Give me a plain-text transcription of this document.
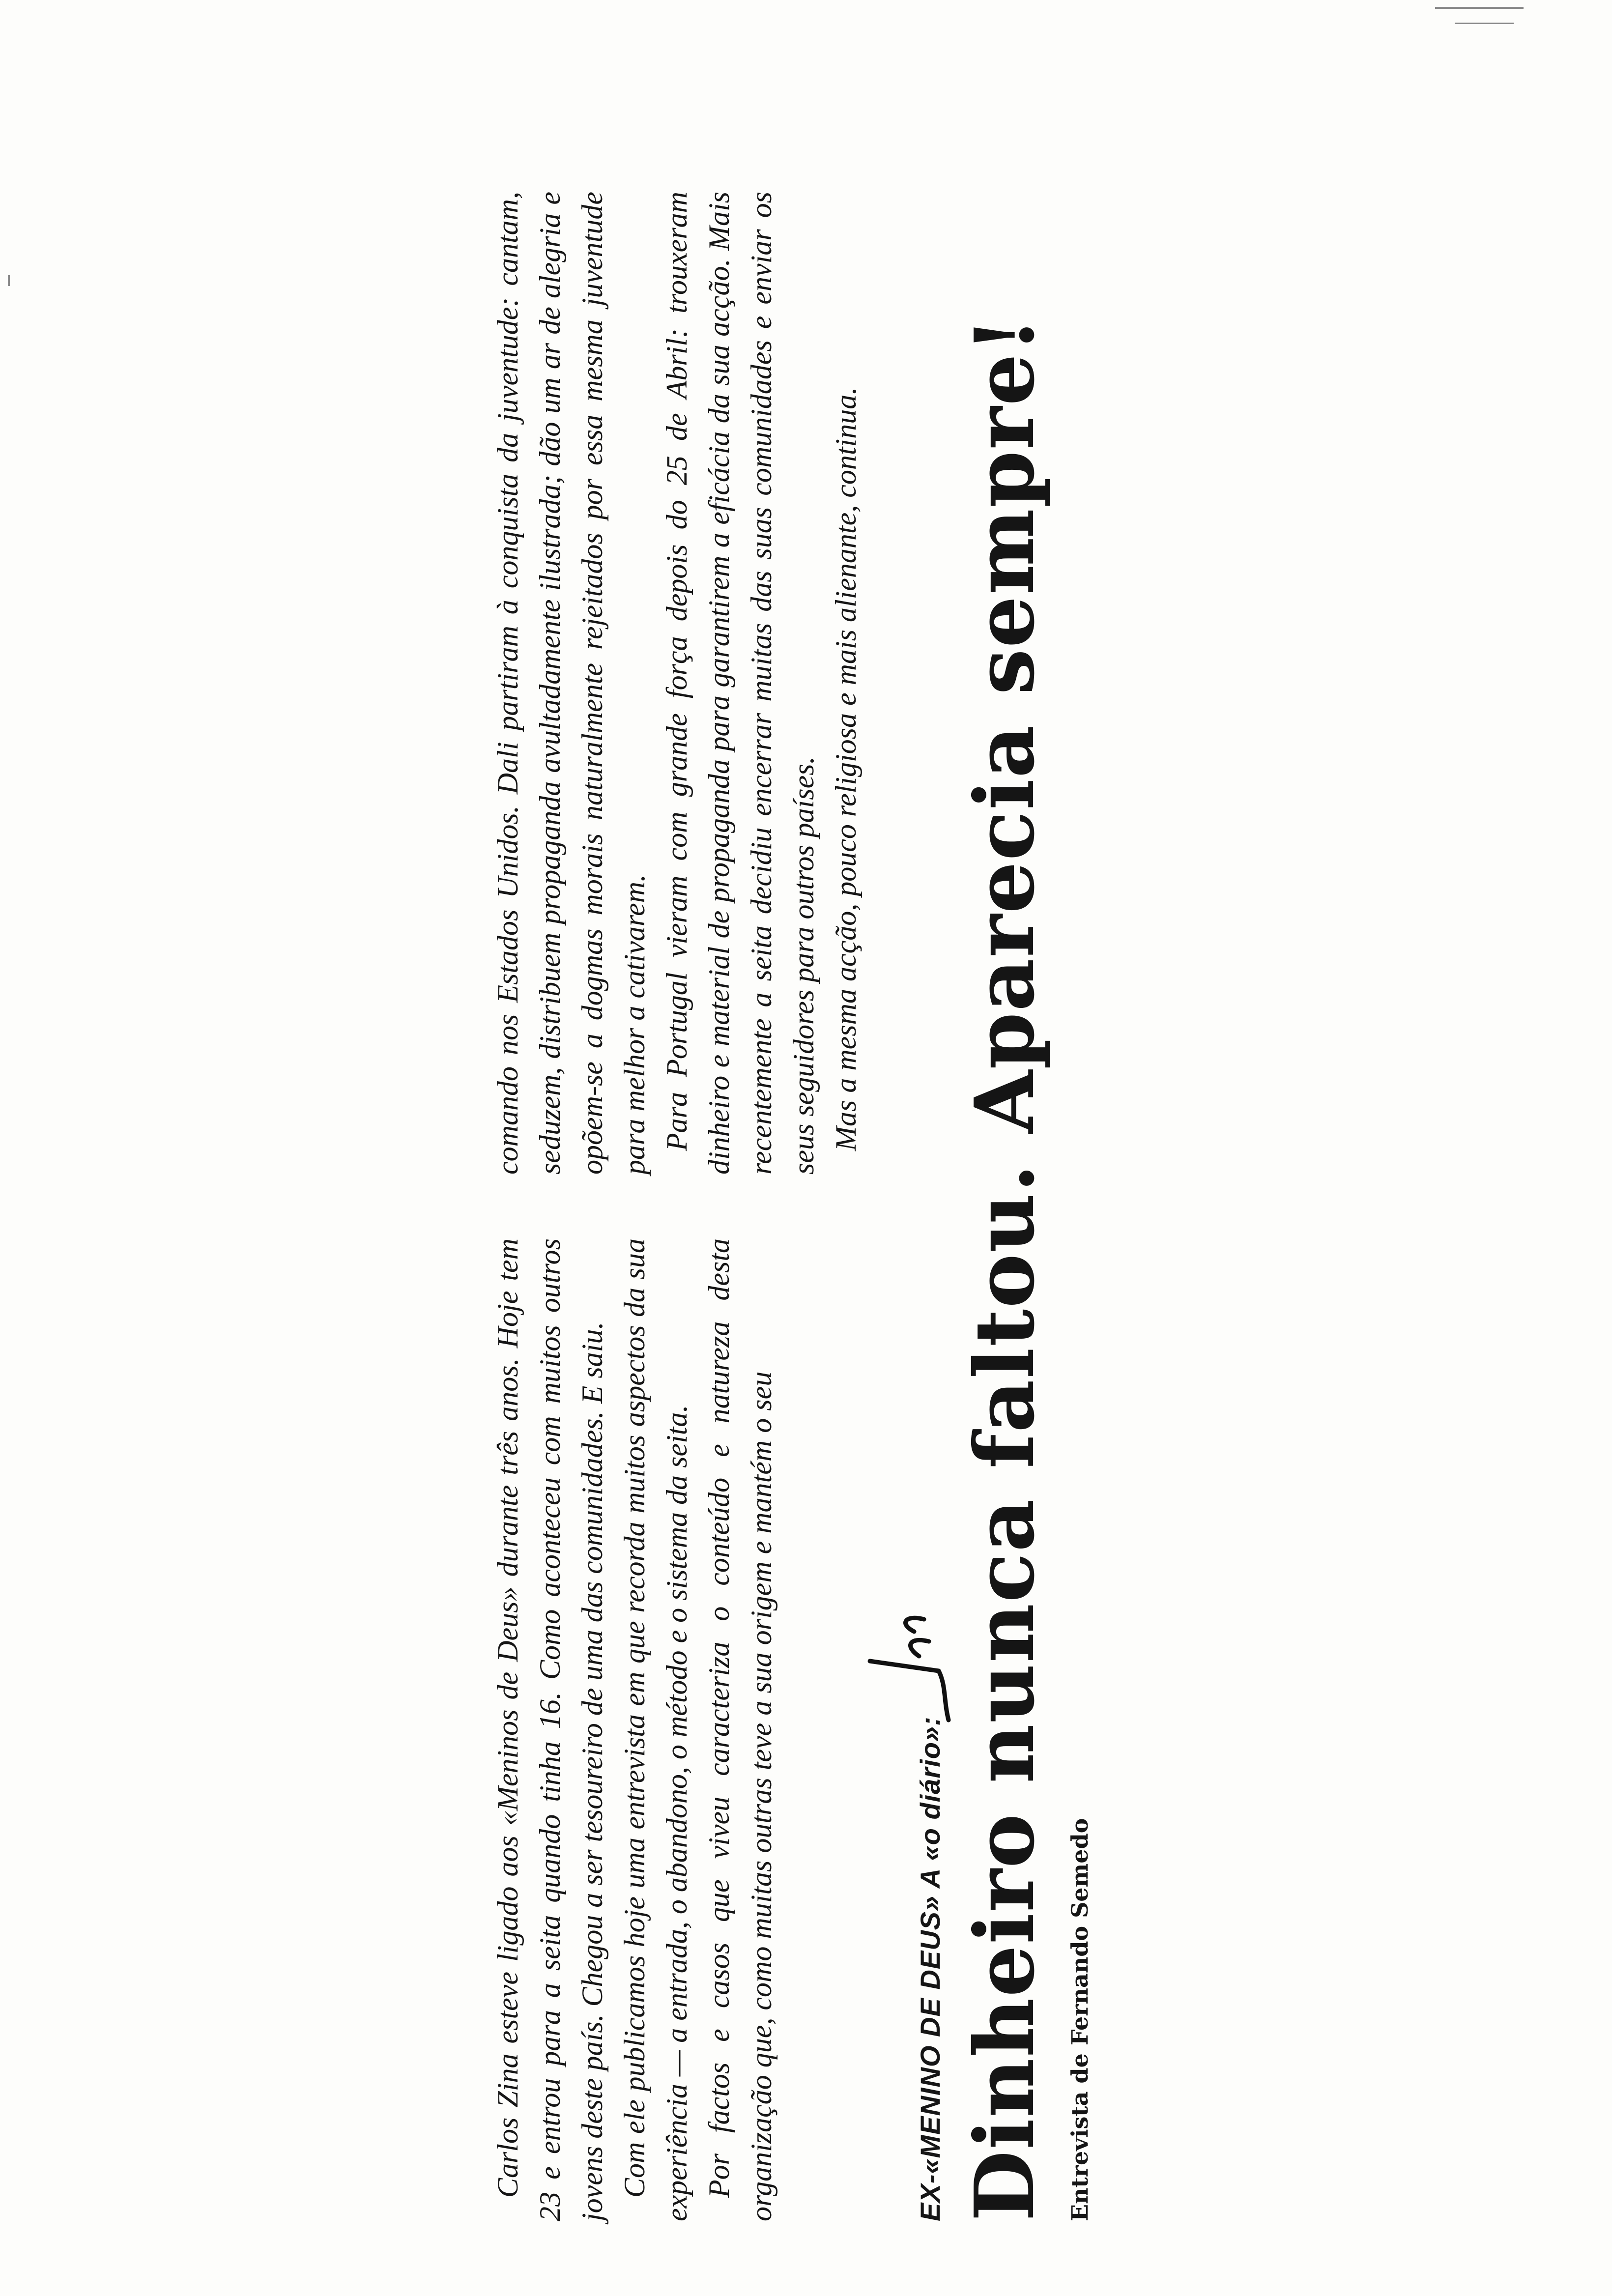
Carlos Zina esteve ligado aos «Meninos de Deus» durante três anos. Hoje tem 23 e entrou para a seita quando tinha 16. Como aconteceu com muitos outros jovens deste país. Chegou a ser tesoureiro de uma das comunidades. E saiu. Com ele publicamos hoje uma entrevista em que recorda muitos aspectos da sua experiência — a entrada, o abandono, o método e o sistema da seita. Por factos e casos que viveu caracteriza o conteúdo e natureza desta organização que, como muitas outras teve a sua origem e mantém o seu

comando nos Estados Unidos. Dali partiram à conquista da juventude: cantam, seduzem, distribuem propaganda avultadamente ilustrada; dão um ar de alegria e opõem-se a dogmas morais naturalmente rejeitados por essa mesma juventude para melhor a cativarem. Para Portugal vieram com grande força depois do 25 de Abril: trouxeram dinheiro e material de propaganda para garantirem a eficácia da sua acção. Mais recentemente a seita decidiu encerrar muitas das suas comunidades e enviar os seus seguidores para outros países. Mas a mesma acção, pouco religiosa e mais alienante, continua.

EX-«MENINO DE DEUS» A «o diário»: Dinheiro nunca faltou. Aparecia sempre! Entrevista de Fernando Semedo
